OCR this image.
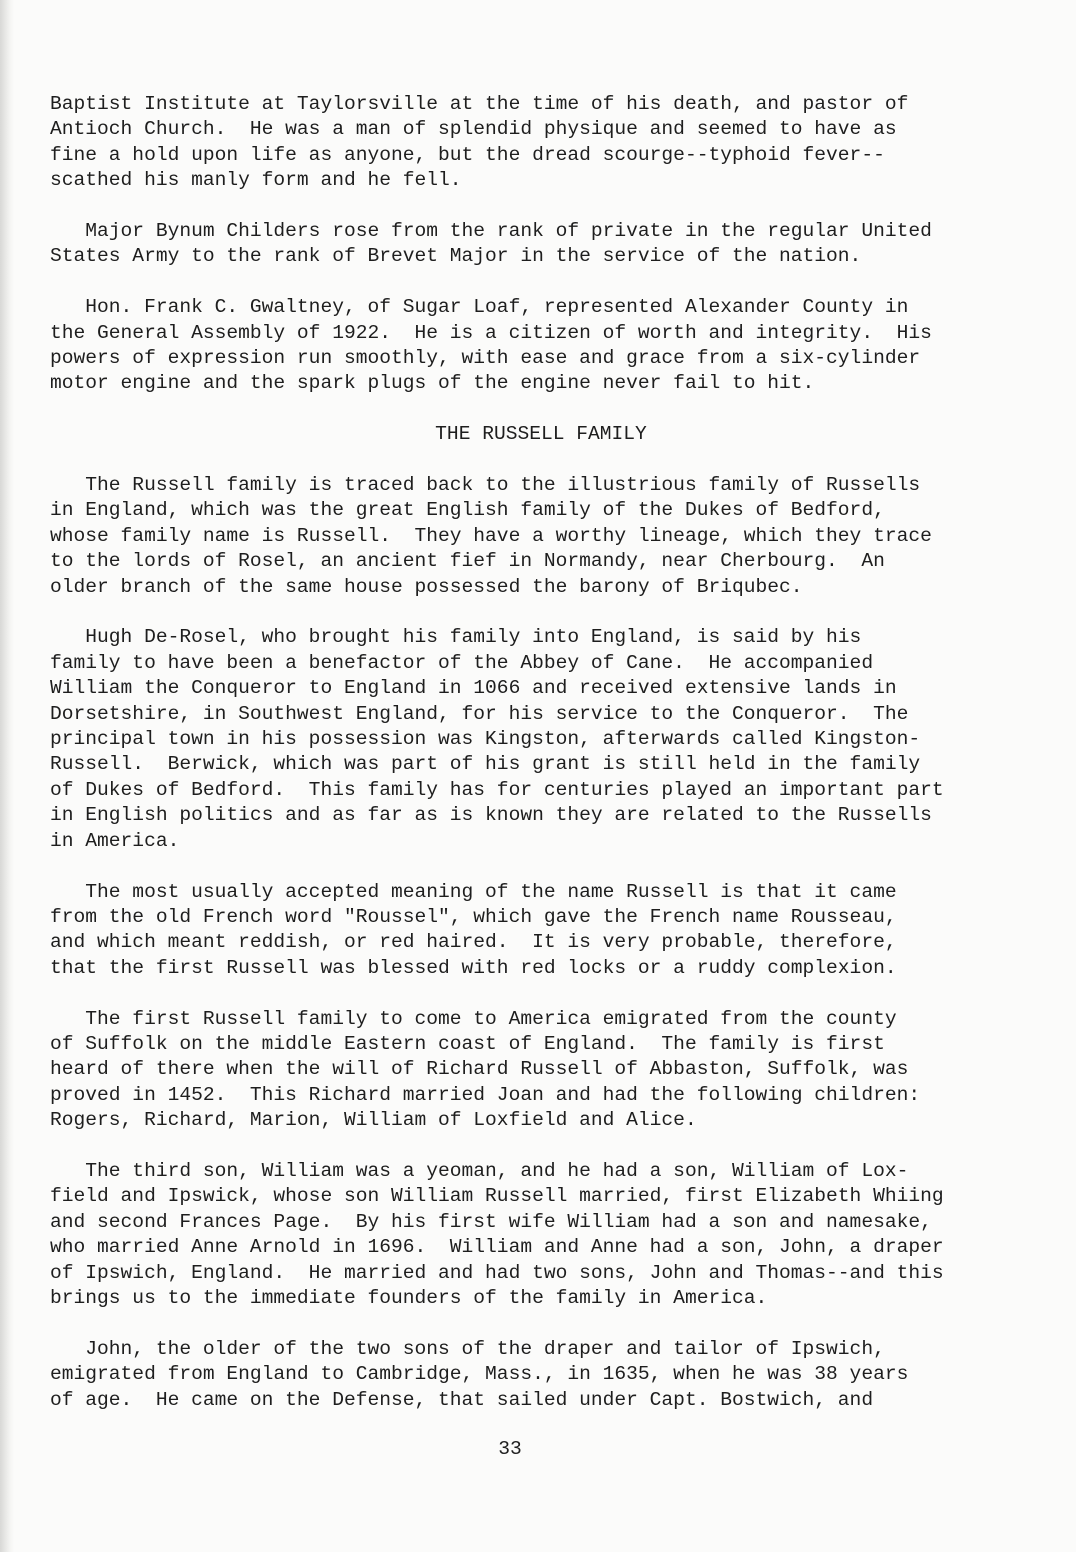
Baptist Institute at Taylorsville at the time of his death, and pastor of
Antioch Church.  He was a man of splendid physique and seemed to have as
fine a hold upon life as anyone, but the dread scourge--typhoid fever--
scathed his manly form and he fell.
Major Bynum Childers rose from the rank of private in the regular United
States Army to the rank of Brevet Major in the service of the nation.
Hon. Frank C. Gwaltney, of Sugar Loaf, represented Alexander County in
the General Assembly of 1922.  He is a citizen of worth and integrity.  His
powers of expression run smoothly, with ease and grace from a six-cylinder
motor engine and the spark plugs of the engine never fail to hit.
THE RUSSELL FAMILY
The Russell family is traced back to the illustrious family of Russells
in England, which was the great English family of the Dukes of Bedford,
whose family name is Russell.  They have a worthy lineage, which they trace
to the lords of Rosel, an ancient fief in Normandy, near Cherbourg.  An
older branch of the same house possessed the barony of Briqubec.
Hugh De-Rosel, who brought his family into England, is said by his
family to have been a benefactor of the Abbey of Cane.  He accompanied
William the Conqueror to England in 1066 and received extensive lands in
Dorsetshire, in Southwest England, for his service to the Conqueror.  The
principal town in his possession was Kingston, afterwards called Kingston-
Russell.  Berwick, which was part of his grant is still held in the family
of Dukes of Bedford.  This family has for centuries played an important part
in English politics and as far as is known they are related to the Russells
in America.
The most usually accepted meaning of the name Russell is that it came
from the old French word "Roussel", which gave the French name Rousseau,
and which meant reddish, or red haired.  It is very probable, therefore,
that the first Russell was blessed with red locks or a ruddy complexion.
The first Russell family to come to America emigrated from the county
of Suffolk on the middle Eastern coast of England.  The family is first
heard of there when the will of Richard Russell of Abbaston, Suffolk, was
proved in 1452.  This Richard married Joan and had the following children:
Rogers, Richard, Marion, William of Loxfield and Alice.
The third son, William was a yeoman, and he had a son, William of Lox-
field and Ipswick, whose son William Russell married, first Elizabeth Whiing
and second Frances Page.  By his first wife William had a son and namesake,
who married Anne Arnold in 1696.  William and Anne had a son, John, a draper
of Ipswich, England.  He married and had two sons, John and Thomas--and this
brings us to the immediate founders of the family in America.
John, the older of the two sons of the draper and tailor of Ipswich,
emigrated from England to Cambridge, Mass., in 1635, when he was 38 years
of age.  He came on the Defense, that sailed under Capt. Bostwich, and
33
